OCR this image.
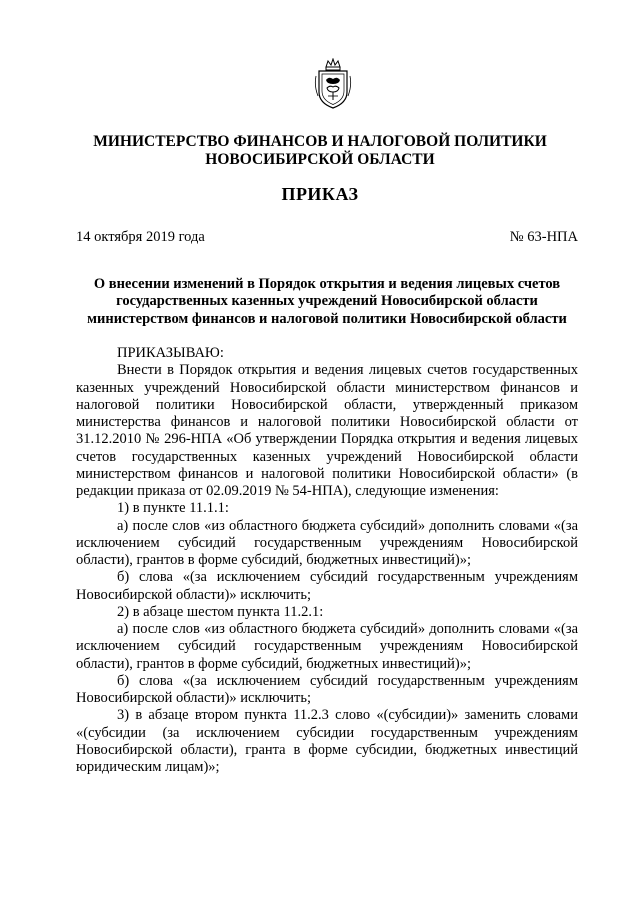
МИНИСТЕРСТВО ФИНАНСОВ И НАЛОГОВОЙ ПОЛИТИКИ
НОВОСИБИРСКОЙ ОБЛАСТИ
ПРИКАЗ
14 октября 2019 года	№ 63-НПА
О внесении изменений в Порядок открытия и ведения лицевых счетов
государственных казенных учреждений Новосибирской области
министерством финансов и налоговой политики Новосибирской области

ПРИКАЗЫВАЮ:

Внести в Порядок открытия и ведения лицевых счетов государственных казенных учреждений Новосибирской области министерством финансов и налоговой политики Новосибирской области, утвержденный приказом министерства финансов и налоговой политики Новосибирской области от 31.12.2010 № 296-НПА «Об утверждении Порядка открытия и ведения лицевых счетов государственных казенных учреждений Новосибирской области министерством финансов и налоговой политики Новосибирской области» (в редакции приказа от 02.09.2019 № 54-НПА), следующие изменения:

1) в пункте 11.1.1:

а) после слов «из областного бюджета субсидий» дополнить словами «(за исключением субсидий государственным учреждениям Новосибирской области), грантов в форме субсидий, бюджетных инвестиций)»;

б) слова «(за исключением субсидий государственным учреждениям Новосибирской области)» исключить;

2) в абзаце шестом пункта 11.2.1:

а) после слов «из областного бюджета субсидий» дополнить словами «(за исключением субсидий государственным учреждениям Новосибирской области), грантов в форме субсидий, бюджетных инвестиций)»;

б) слова «(за исключением субсидий государственным учреждениям Новосибирской области)» исключить;

3) в абзаце втором пункта 11.2.3 слово «(субсидии)» заменить словами «(субсидии (за исключением субсидии государственным учреждениям Новосибирской области), гранта в форме субсидии, бюджетных инвестиций юридическим лицам)»;
